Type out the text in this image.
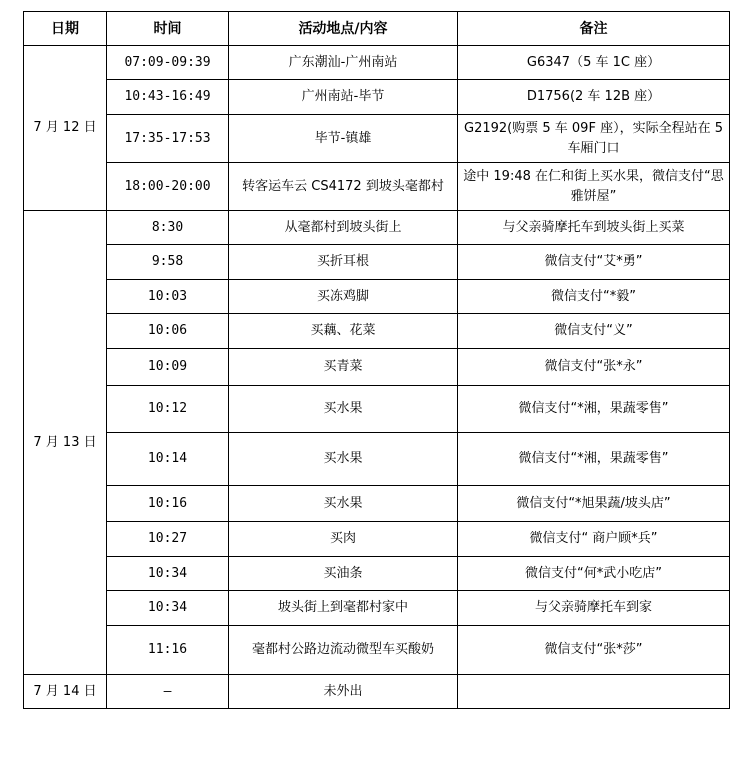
日期	时间	活动地点/内容	备注
7 月 12 日	07:09-09:39	广东潮汕-广州南站	G6347（5 车 1C 座）
	10:43-16:49	广州南站-毕节	D1756(2 车 12B 座）
	17:35-17:53	毕节-镇雄	G2192(购票 5 车 09F 座），实际全程站在 5 车厢门口
	18:00-20:00	转客运车云 CS4172 到坡头毫都村	途中 19:48 在仁和街上买水果，微信支付“思雅饼屋”
7 月 13 日	8:30	从毫都村到坡头街上	与父亲骑摩托车到坡头街上买菜
	9:58	买折耳根	微信支付“艾*勇”
	10:03	买冻鸡脚	微信支付“*毅”
	10:06	买藕、花菜	微信支付“义”
	10:09	买青菜	微信支付“张*永”
	10:12	买水果	微信支付“*湘，果蔬零售”
	10:14	买水果	微信支付“*湘，果蔬零售”
	10:16	买水果	微信支付“*旭果蔬/坡头店”
	10:27	买肉	微信支付“ 商户顾*兵”
	10:34	买油条	微信支付“何*武小吃店”
	10:34	坡头街上到毫都村家中	与父亲骑摩托车到家
	11:16	毫都村公路边流动微型车买酸奶	微信支付“张*莎”
7 月 14 日	—	未外出	
